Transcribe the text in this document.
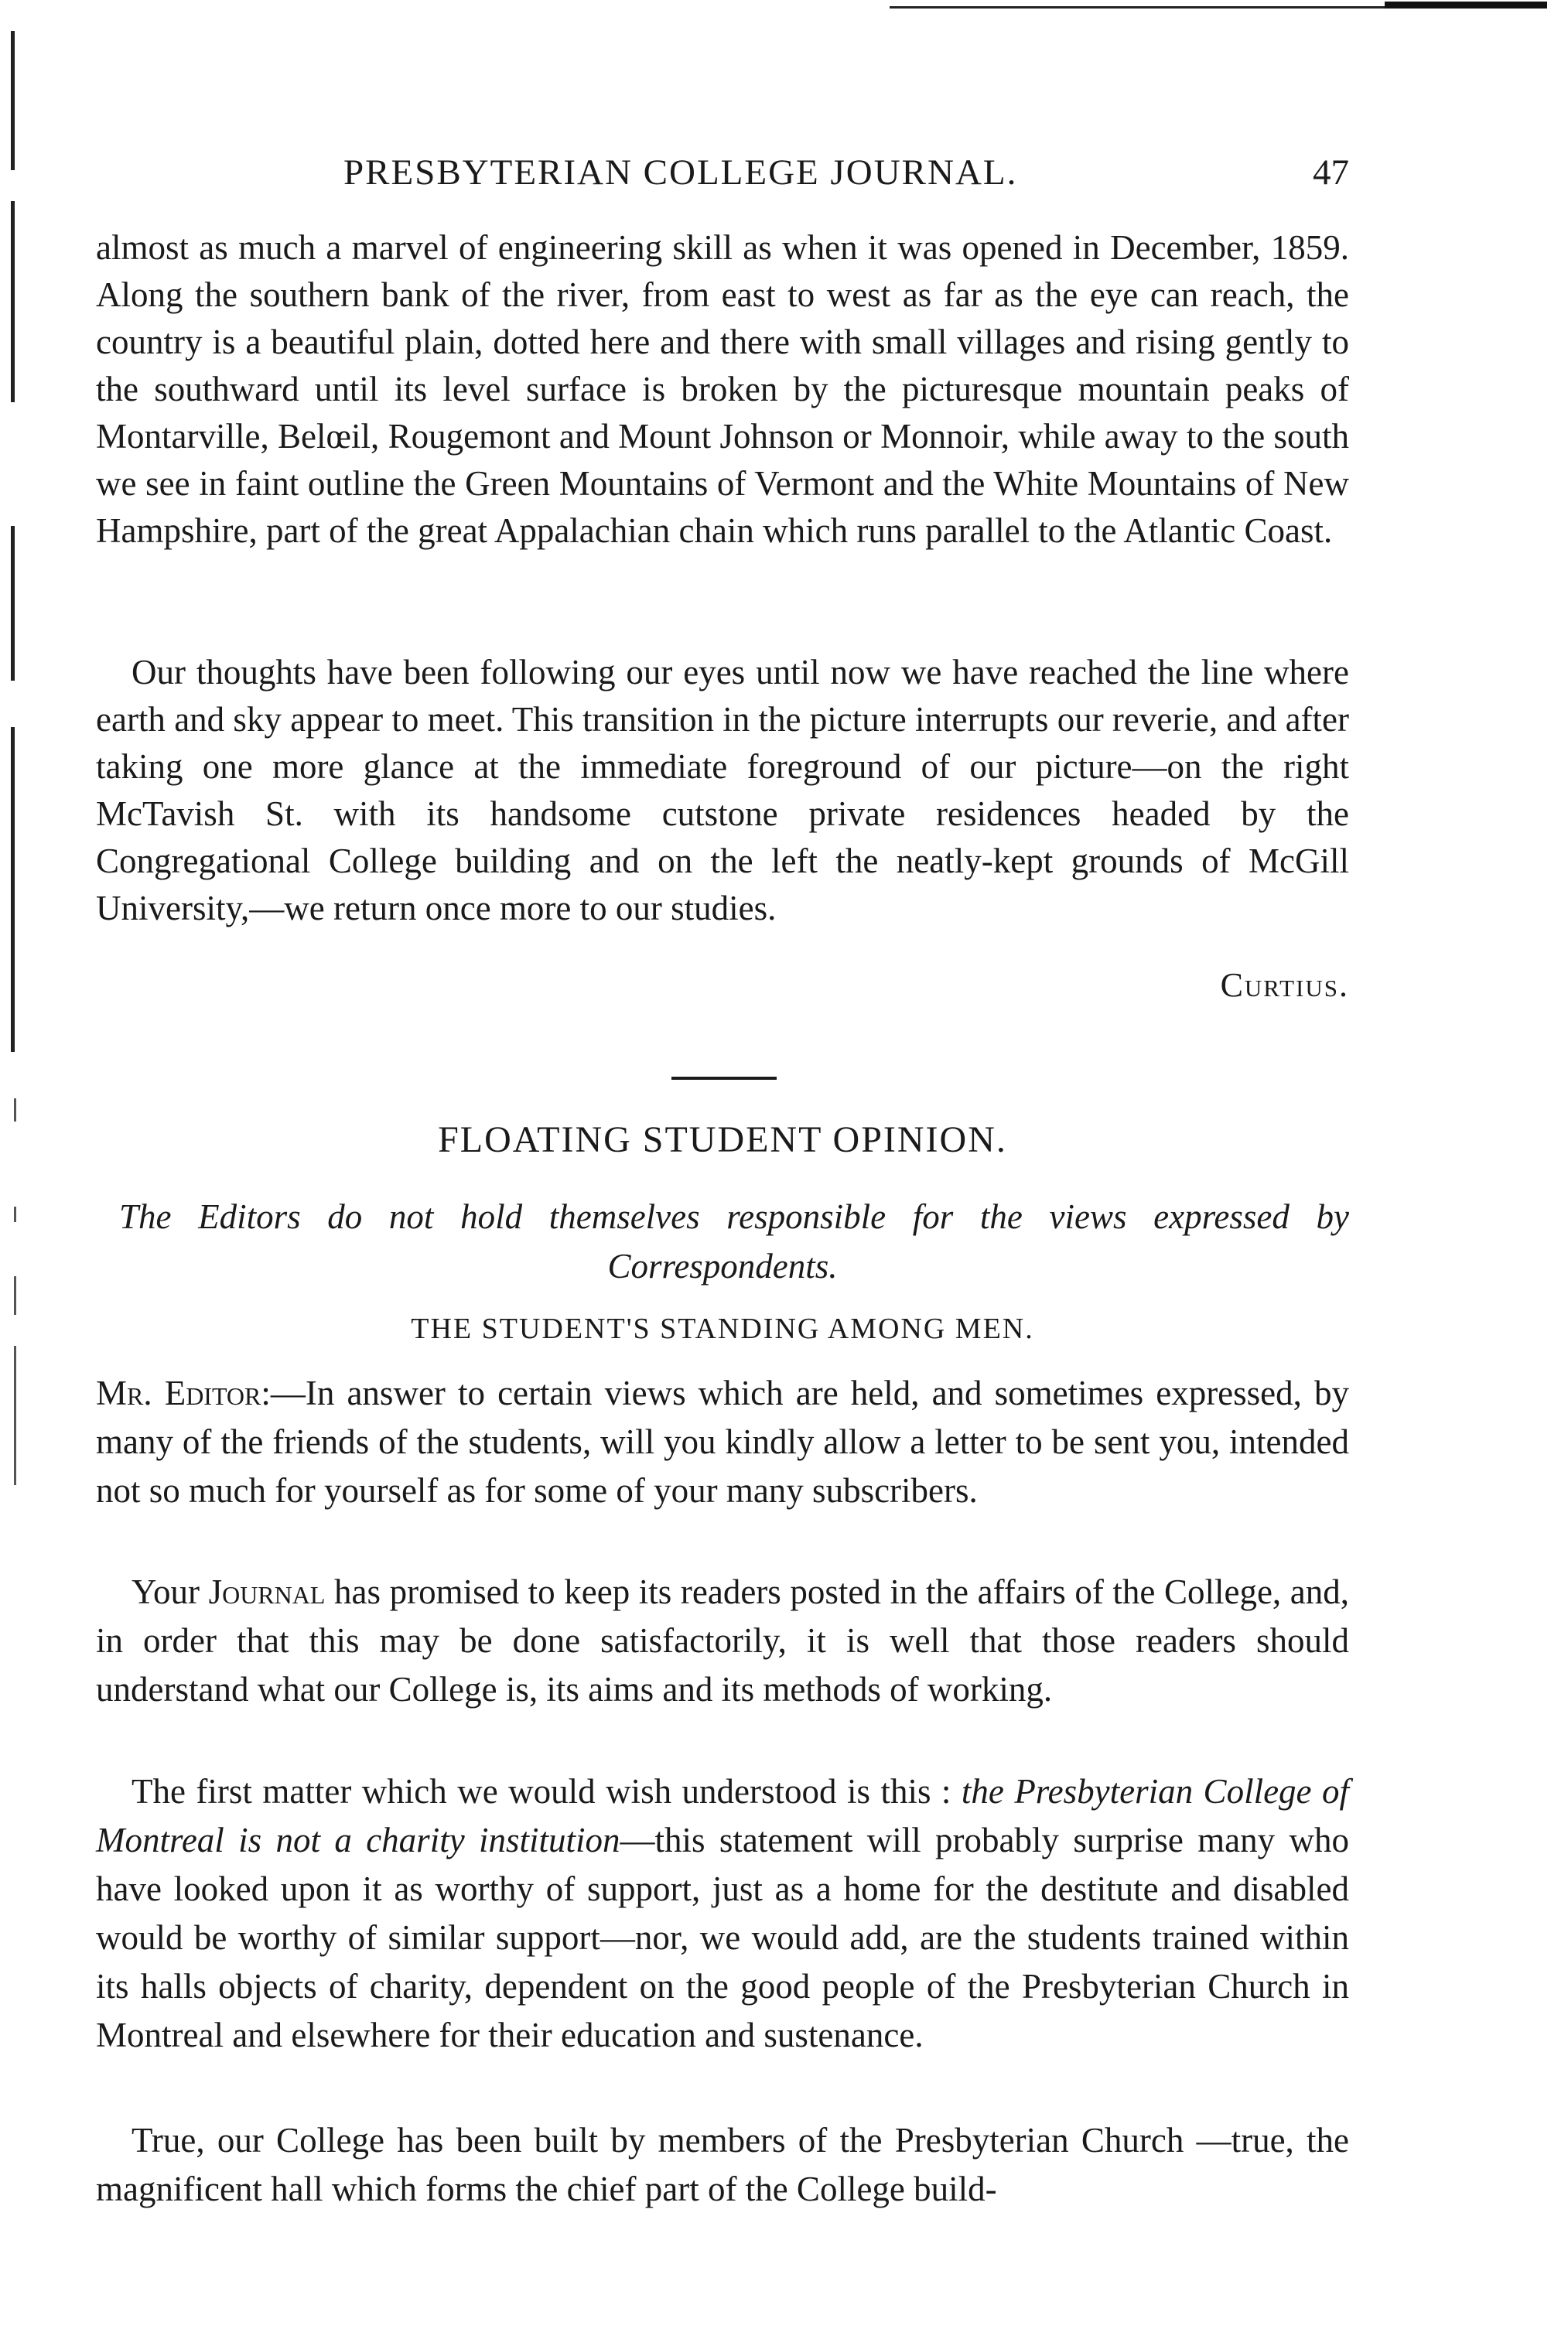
PRESBYTERIAN COLLEGE JOURNAL.	47

almost as much a marvel of engineering skill as when it was opened in December, 1859. Along the southern bank of the river, from east to west as far as the eye can reach, the country is a beautiful plain, dotted here and there with small villages and rising gently to the southward until its level surface is broken by the picturesque mountain peaks of Montarville, Belœil, Rougemont and Mount Johnson or Monnoir, while away to the south we see in faint outline the Green Mountains of Vermont and the White Mountains of New Hampshire, part of the great Appalachian chain which runs parallel to the Atlantic Coast.

Our thoughts have been following our eyes until now we have reached the line where earth and sky appear to meet. This transition in the picture interrupts our reverie, and after taking one more glance at the immediate foreground of our picture—on the right McTavish St. with its handsome cutstone private residences headed by the Congregational College building and on the left the neatly-kept grounds of McGill University,—we return once more to our studies.

Curtius.
FLOATING STUDENT OPINION.

The Editors do not hold themselves responsible for the views expressed by
Correspondents.

THE STUDENT'S STANDING AMONG MEN.

Mr. Editor:—In answer to certain views which are held, and sometimes expressed, by many of the friends of the students, will you kindly allow a letter to be sent you, intended not so much for yourself as for some of your many subscribers.

Your Journal has promised to keep its readers posted in the affairs of the College, and, in order that this may be done satisfactorily, it is well that those readers should understand what our College is, its aims and its methods of working.

The first matter which we would wish understood is this : the Presbyterian College of Montreal is not a charity institution—this statement will probably surprise many who have looked upon it as worthy of support, just as a home for the destitute and disabled would be worthy of similar support—nor, we would add, are the students trained within its halls objects of charity, dependent on the good people of the Presbyterian Church in Montreal and elsewhere for their education and sustenance.

True, our College has been built by members of the Presbyterian Church —true, the magnificent hall which forms the chief part of the College build-
